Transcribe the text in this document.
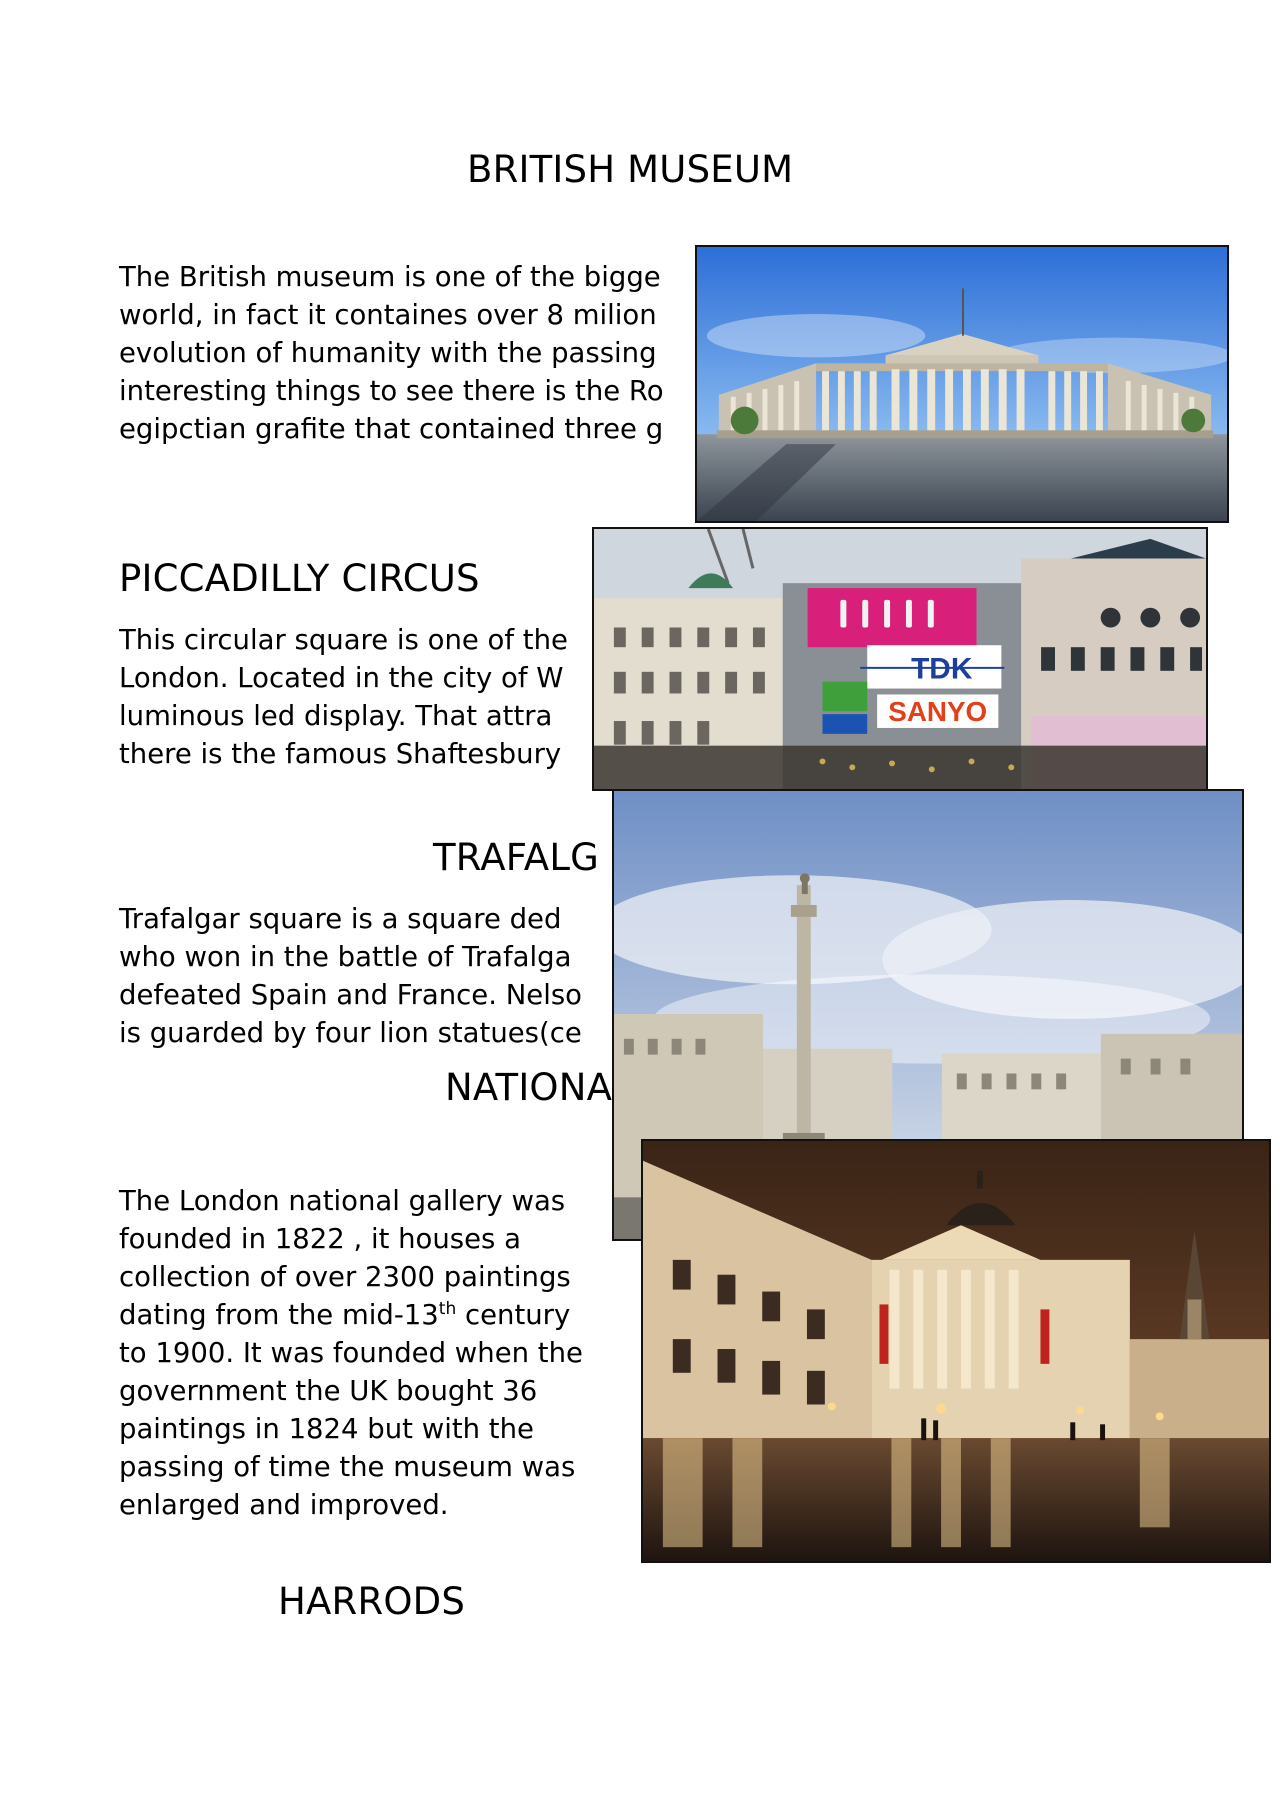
BRITISH MUSEUM
The British museum is one of the bigge
world, in fact it containes over 8 milion
evolution of humanity with the passing
interesting things to see there is the Ro
egipctian grafite that contained three g
PICCADILLY CIRCUS
This circular square is one of the
London. Located in the city of W
luminous led display. That attra
there is the famous Shaftesbury
TRAFALG
Trafalgar square is a square ded
who won in the battle of Trafalga
defeated Spain and France. Nelso
is guarded by four lion statues(ce
NATIONA
The London national gallery was
founded in 1822 , it houses a
collection of over 2300 paintings
dating from the mid-13th century
to 1900. It was founded when the
government the UK bought 36
paintings in 1824 but with the
passing of time the museum was
enlarged and improved.
HARRODS
TDK
SANYO
